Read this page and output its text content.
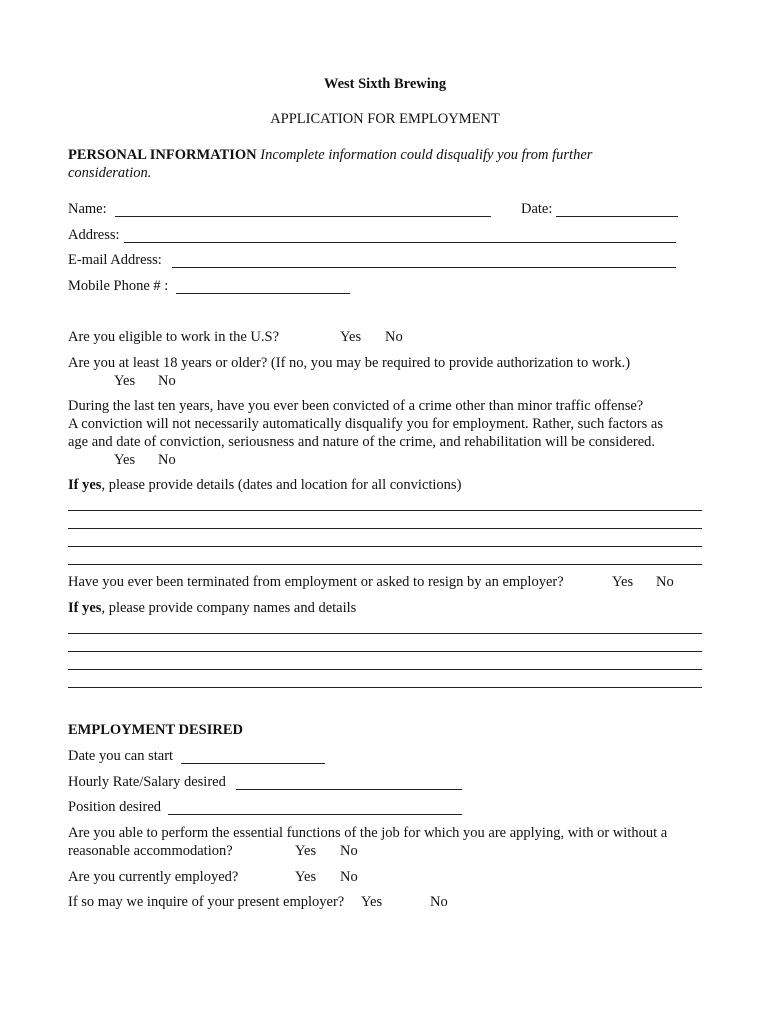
West Sixth Brewing
APPLICATION FOR EMPLOYMENT
PERSONAL INFORMATION Incomplete information could disqualify you from further
consideration.
Name:	Date:
Address:
E-mail Address:
Mobile Phone # :
Are you eligible to work in the U.S?	Yes No
Are you at least 18 years or older? (If no, you may be required to provide authorization to work.)
Yes No
During the last ten years, have you ever been convicted of a crime other than minor traffic offense?
A conviction will not necessarily automatically disqualify you for employment. Rather, such factors as
age and date of conviction, seriousness and nature of the crime, and rehabilitation will be considered.
Yes No
If yes, please provide details (dates and location for all convictions)
Have you ever been terminated from employment or asked to resign by an employer?	Yes No
If yes, please provide company names and details
EMPLOYMENT DESIRED
Date you can start
Hourly Rate/Salary desired
Position desired
Are you able to perform the essential functions of the job for which you are applying, with or without a
reasonable accommodation?	Yes No
Are you currently employed?	Yes No
If so may we inquire of your present employer? Yes	No
